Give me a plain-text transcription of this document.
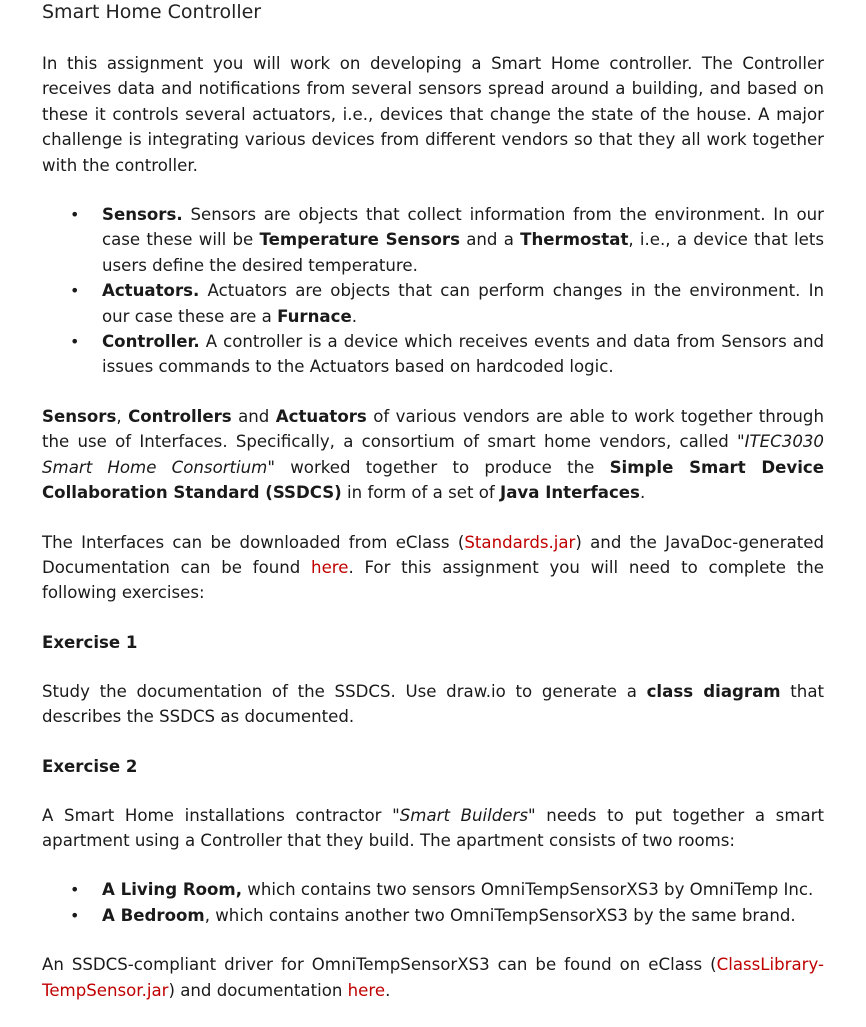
Smart Home Controller

In this assignment you will work on developing a Smart Home controller. The Controller receives data and notifications from several sensors spread around a building, and based on these it controls several actuators, i.e., devices that change the state of the house. A major challenge is integrating various devices from different vendors so that they all work together with the controller.

• Sensors. Sensors are objects that collect information from the environment. In our case these will be Temperature Sensors and a Thermostat, i.e., a device that lets users define the desired temperature.
• Actuators. Actuators are objects that can perform changes in the environment. In our case these are a Furnace.
• Controller. A controller is a device which receives events and data from Sensors and issues commands to the Actuators based on hardcoded logic.

Sensors, Controllers and Actuators of various vendors are able to work together through the use of Interfaces. Specifically, a consortium of smart home vendors, called "ITEC3030 Smart Home Consortium" worked together to produce the Simple Smart Device Collaboration Standard (SSDCS) in form of a set of Java Interfaces.

The Interfaces can be downloaded from eClass (Standards.jar) and the JavaDoc-generated Documentation can be found here. For this assignment you will need to complete the following exercises:

Exercise 1

Study the documentation of the SSDCS. Use draw.io to generate a class diagram that describes the SSDCS as documented.

Exercise 2

A Smart Home installations contractor "Smart Builders" needs to put together a smart apartment using a Controller that they build. The apartment consists of two rooms:

• A Living Room, which contains two sensors OmniTempSensorXS3 by OmniTemp Inc.
• A Bedroom, which contains another two OmniTempSensorXS3 by the same brand.

An SSDCS-compliant driver for OmniTempSensorXS3 can be found on eClass (ClassLibrary-TempSensor.jar) and documentation here.
